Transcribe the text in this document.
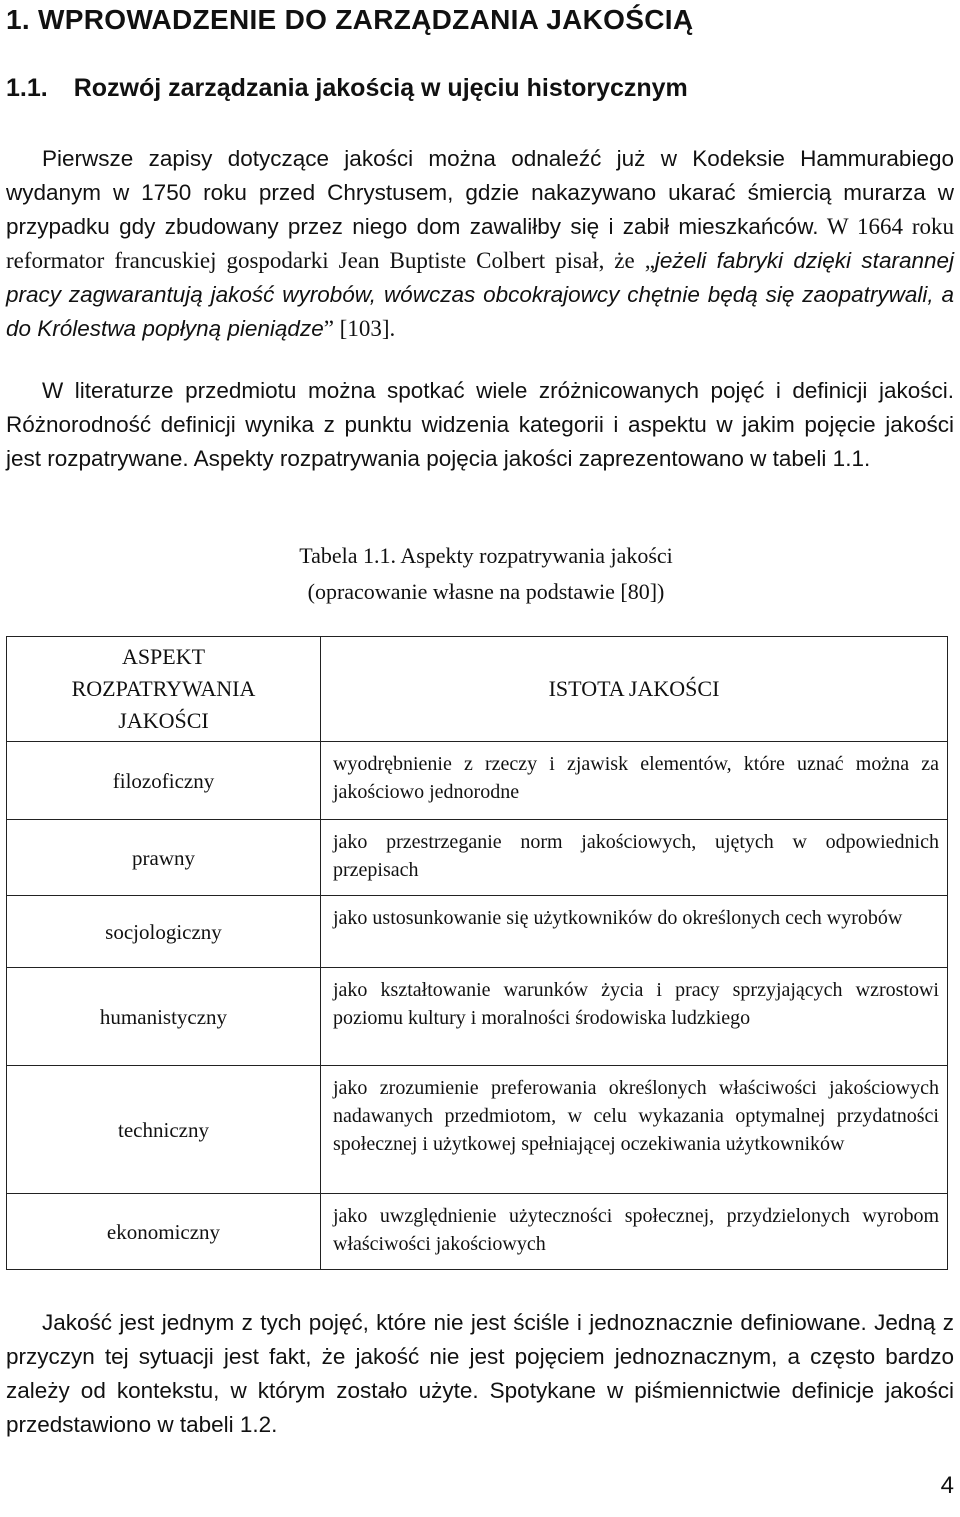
1. WPROWADZENIE DO ZARZĄDZANIA JAKOŚCIĄ
1.1. Rozwój zarządzania jakością w ujęciu historycznym

Pierwsze zapisy dotyczące jakości można odnaleźć już w Kodeksie Hammurabiego wydanym w 1750 roku przed Chrystusem, gdzie nakazywano ukarać śmiercią murarza w przypadku gdy zbudowany przez niego dom zawaliłby się i zabił mieszkańców. W 1664 roku reformator francuskiej gospodarki Jean Buptiste Colbert pisał, że „jeżeli fabryki dzięki starannej pracy zagwarantują jakość wyrobów, wówczas obcokrajowcy chętnie będą się zaopatrywali, a do Królestwa popłyną pieniądze” [103].

W literaturze przedmiotu można spotkać wiele zróżnicowanych pojęć i definicji jakości. Różnorodność definicji wynika z punktu widzenia kategorii i aspektu w jakim pojęcie jakości jest rozpatrywane. Aspekty rozpatrywania pojęcia jakości zaprezentowano w tabeli 1.1.

Tabela 1.1. Aspekty rozpatrywania jakości
(opracowanie własne na podstawie [80])
ASPEKT ROZPATRYWANIA JAKOŚCI	ISTOTA JAKOŚCI
filozoficzny	wyodrębnienie z rzeczy i zjawisk elementów, które uznać można za jakościowo jednorodne
prawny	jako przestrzeganie norm jakościowych, ujętych w odpowiednich przepisach
socjologiczny	jako ustosunkowanie się użytkowników do określonych cech wyrobów
humanistyczny	jako kształtowanie warunków życia i pracy sprzyjających wzrostowi poziomu kultury i moralności środowiska ludzkiego
techniczny	jako zrozumienie preferowania określonych właściwości jakościowych nadawanych przedmiotom, w celu wykazania optymalnej przydatności społecznej i użytkowej spełniającej oczekiwania użytkowników
ekonomiczny	jako uwzględnienie użyteczności społecznej, przydzielonych wyrobom właściwości jakościowych

Jakość jest jednym z tych pojęć, które nie jest ściśle i jednoznacznie definiowane. Jedną z przyczyn tej sytuacji jest fakt, że jakość nie jest pojęciem jednoznacznym, a często bardzo zależy od kontekstu, w którym zostało użyte. Spotykane w piśmiennictwie definicje jakości przedstawiono w tabeli 1.2.

4
